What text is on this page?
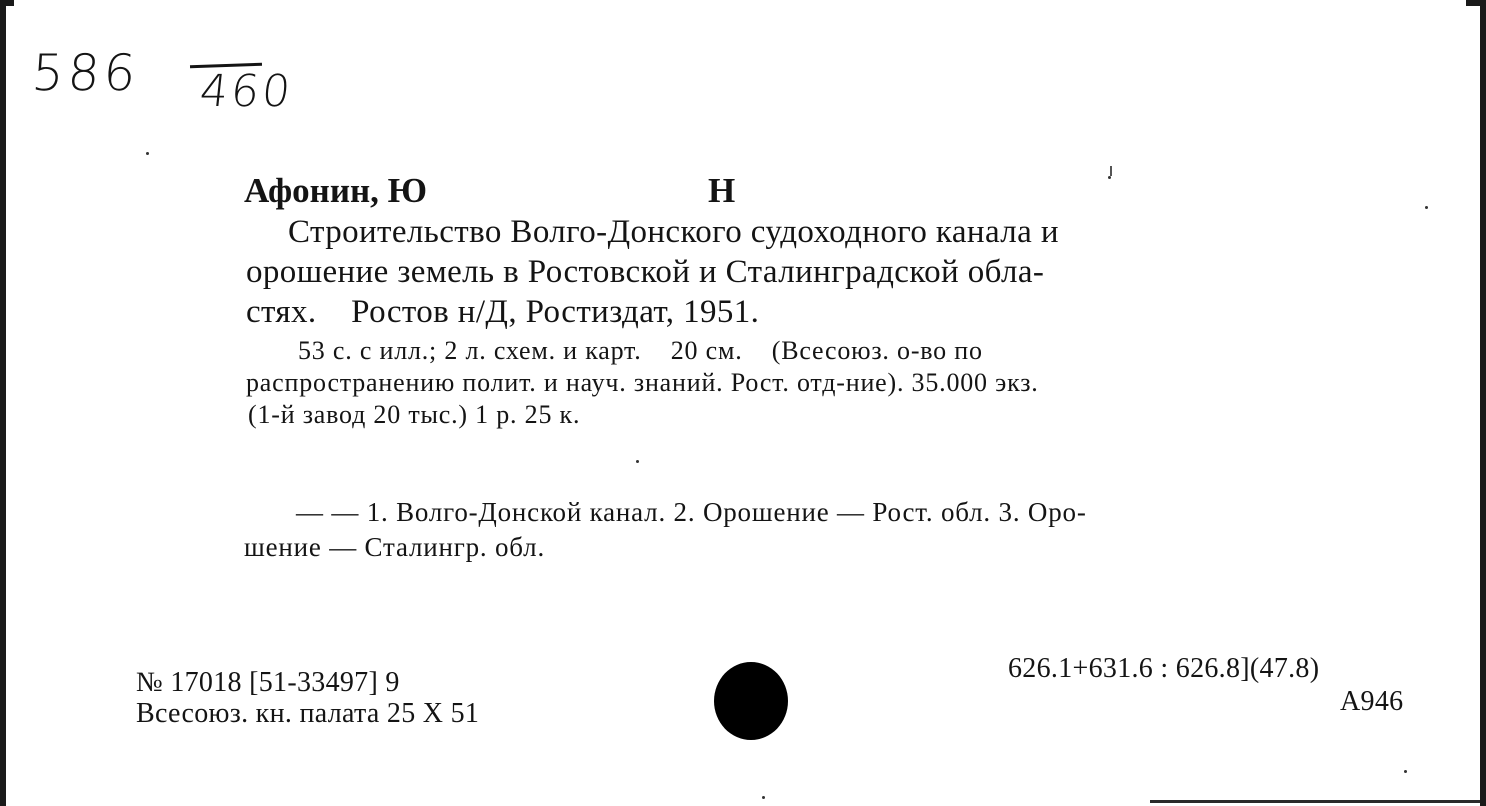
586 460
Афонин, Ю	Н
Строительство Волго-Донского судоходного канала и
орошение земель в Ростовской и Сталинградской обла-
стях.    Ростов н/Д, Ростиздат, 1951.
53 с. с илл.; 2 л. схем. и карт.    20 см.    (Всесоюз. о-во по
распространению полит. и науч. знаний. Рост. отд-ние). 35.000 экз.
(1-й завод 20 тыс.) 1 р. 25 к.
— — 1. Волго-Донской канал. 2. Орошение — Рост. обл. 3. Оро-
шение — Сталингр. обл.
№ 17018 [51-33497] 9
Всесоюз. кн. палата 25 X 51
626.1+631.6 : 626.8](47.8)
А946
